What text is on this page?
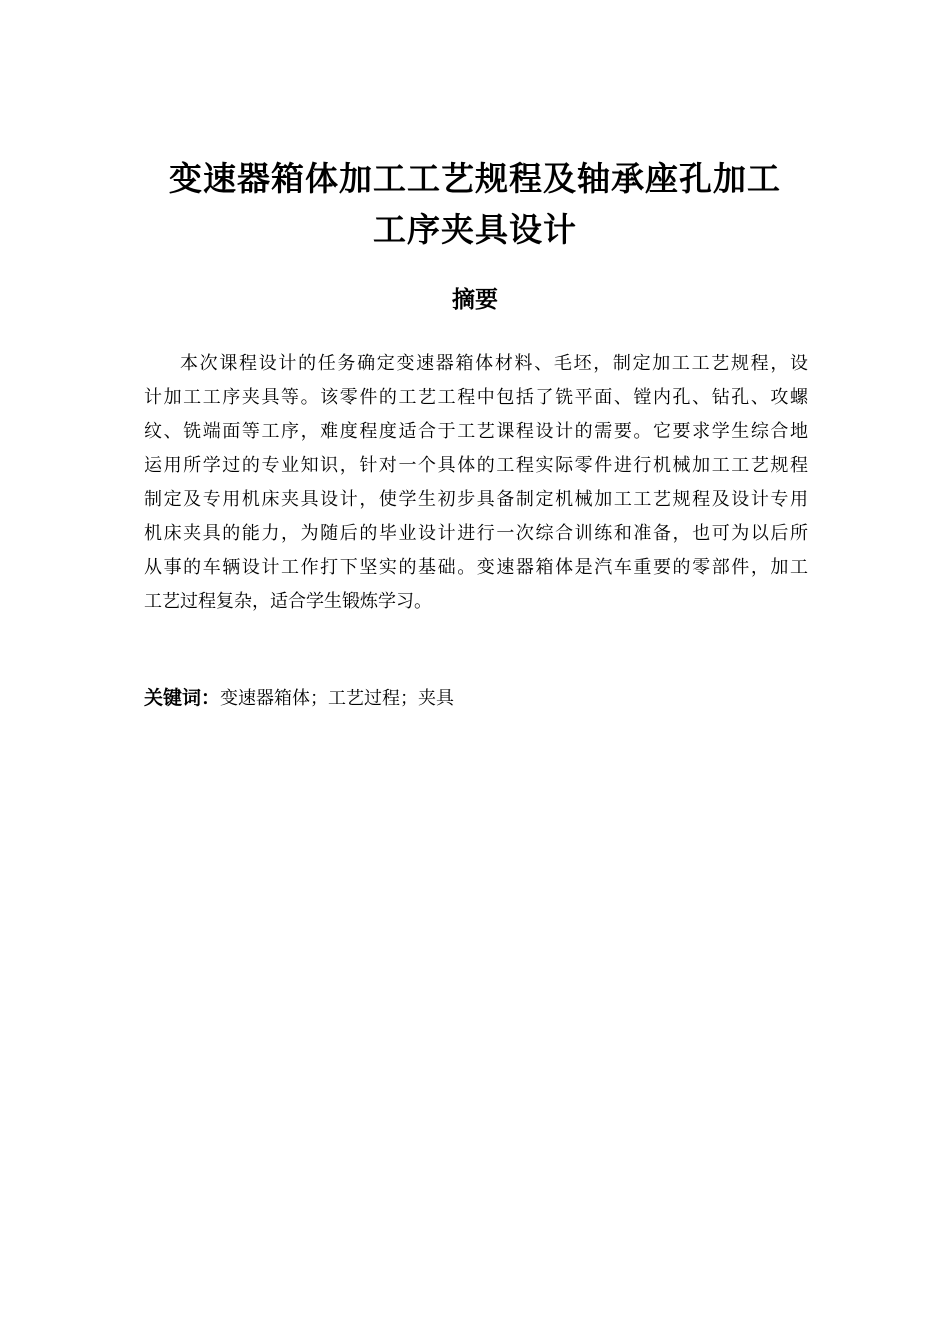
变速器箱体加工工艺规程及轴承座孔加工
工序夹具设计
摘要
本次课程设计的任务确定变速器箱体材料、毛坯，制定加工工艺规程，设
计加工工序夹具等。该零件的工艺工程中包括了铣平面、镗内孔、钻孔、攻螺
纹、铣端面等工序，难度程度适合于工艺课程设计的需要。它要求学生综合地
运用所学过的专业知识，针对一个具体的工程实际零件进行机械加工工艺规程
制定及专用机床夹具设计，使学生初步具备制定机械加工工艺规程及设计专用
机床夹具的能力，为随后的毕业设计进行一次综合训练和准备，也可为以后所
从事的车辆设计工作打下坚实的基础。变速器箱体是汽车重要的零部件，加工
工艺过程复杂，适合学生锻炼学习。
关键词：变速器箱体；工艺过程；夹具
